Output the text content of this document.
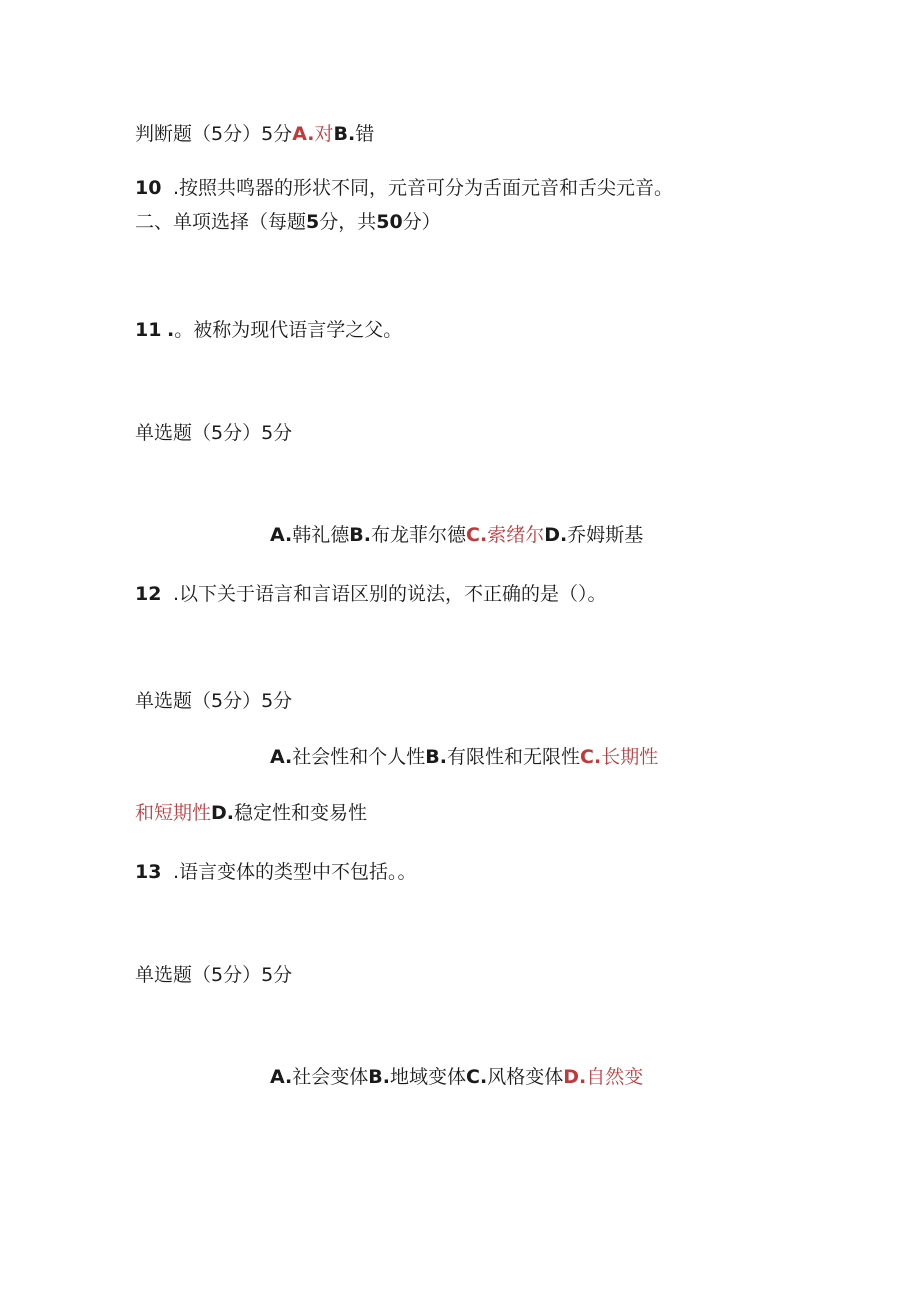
判断题（5分）5分A.对B.错
10 .按照共鸣器的形状不同，元音可分为舌面元音和舌尖元音。
二、单项选择（每题5分，共50分）
11 .。被称为现代语言学之父。
单选题（5分）5分
A.韩礼德B.布龙菲尔德C.索绪尔D.乔姆斯基
12 .以下关于语言和言语区别的说法，不正确的是（）。
单选题（5分）5分
A.社会性和个人性B.有限性和无限性C.长期性
和短期性D.稳定性和变易性
13 .语言变体的类型中不包括。。
单选题（5分）5分
A.社会变体B.地域变体C.风格变体D.自然变
